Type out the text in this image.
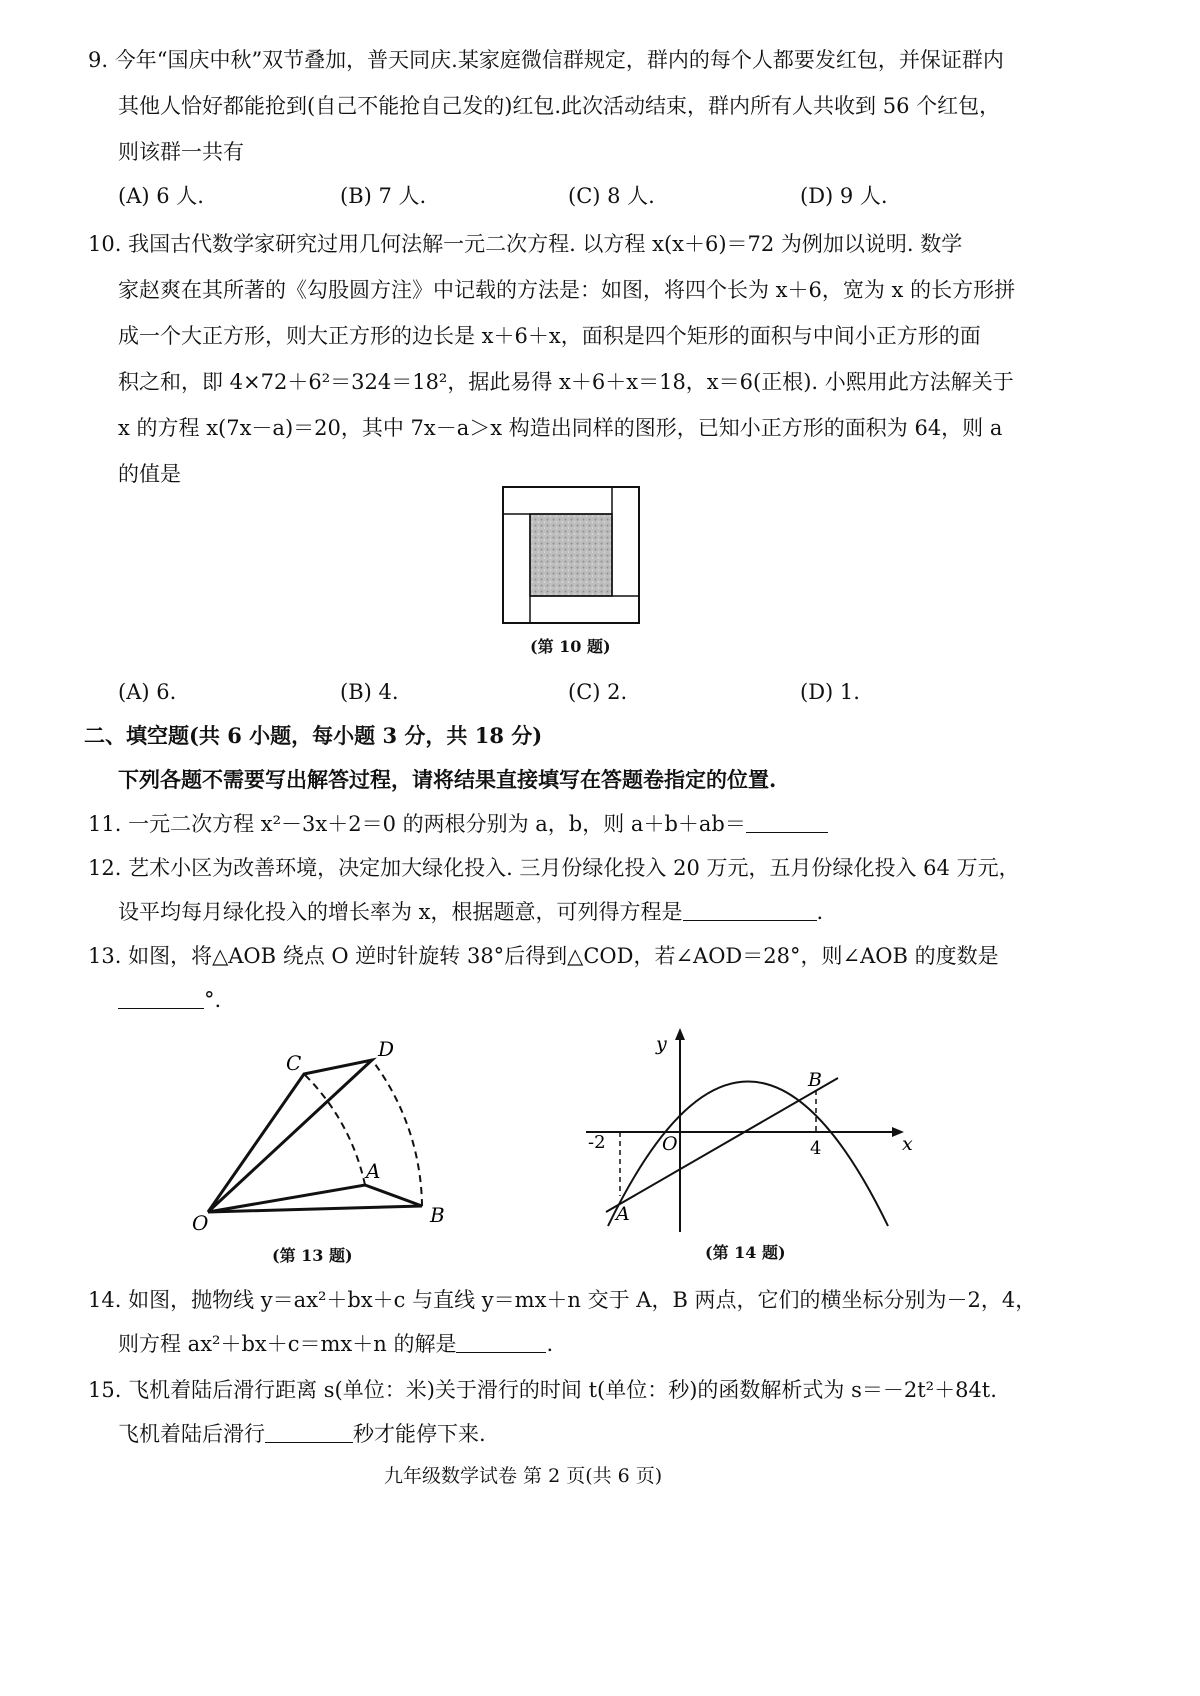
9. 今年“国庆中秋”双节叠加，普天同庆.某家庭微信群规定，群内的每个人都要发红包，并保证群内
其他人恰好都能抢到(自己不能抢自己发的)红包.此次活动结束，群内所有人共收到 56 个红包，
则该群一共有
(A) 6 人.	(B) 7 人.	(C) 8 人.	(D) 9 人.
10. 我国古代数学家研究过用几何法解一元二次方程. 以方程 x(x＋6)＝72 为例加以说明. 数学
家赵爽在其所著的《勾股圆方注》中记载的方法是：如图，将四个长为 x＋6，宽为 x 的长方形拼
成一个大正方形，则大正方形的边长是 x＋6＋x，面积是四个矩形的面积与中间小正方形的面
积之和，即 4×72＋6²＝324＝18²，据此易得 x＋6＋x＝18，x＝6(正根). 小熙用此方法解关于
x 的方程 x(7x－a)＝20，其中 7x－a＞x 构造出同样的图形，已知小正方形的面积为 64，则 a
的值是
(第 10 题)
(A) 6.	(B) 4.	(C) 2.	(D) 1.
二、填空题(共 6 小题，每小题 3 分，共 18 分)
下列各题不需要写出解答过程，请将结果直接填写在答题卷指定的位置.
11. 一元二次方程 x²－3x＋2＝0 的两根分别为 a，b，则 a＋b＋ab＝
12. 艺术小区为改善环境，决定加大绿化投入. 三月份绿化投入 20 万元，五月份绿化投入 64 万元，
设平均每月绿化投入的增长率为 x，根据题意，可列得方程是	.
13. 如图，将△AOB 绕点 O 逆时针旋转 38°后得到△COD，若∠AOD＝28°，则∠AOB 的度数是
°.
C
D
A
O	B
(第 13 题)
y
x
O
B
A
-2	4
(第 14 题)
14. 如图，抛物线 y＝ax²＋bx＋c 与直线 y＝mx＋n 交于 A，B 两点，它们的横坐标分别为－2，4，
则方程 ax²＋bx＋c＝mx＋n 的解是	.
15. 飞机着陆后滑行距离 s(单位：米)关于滑行的时间 t(单位：秒)的函数解析式为 s＝－2t²＋84t.
飞机着陆后滑行	秒才能停下来.
九年级数学试卷 第 2 页(共 6 页)
